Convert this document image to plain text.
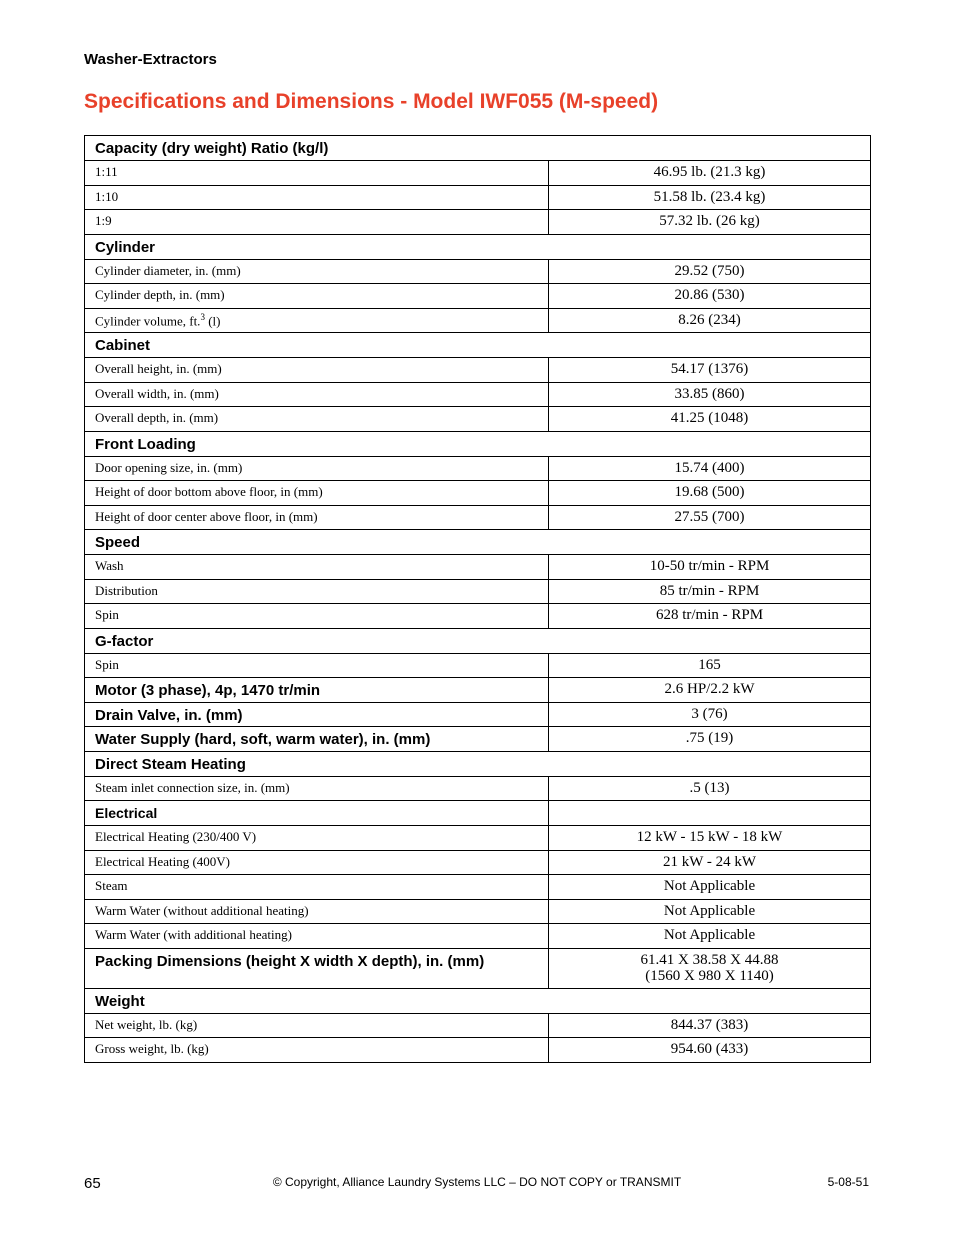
Washer-Extractors
Specifications and Dimensions - Model IWF055 (M-speed)
Capacity (dry weight) Ratio (kg/l)	
1:11	46.95 lb. (21.3 kg)
1:10	51.58 lb. (23.4 kg)
1:9	57.32 lb. (26 kg)
Cylinder	
Cylinder diameter, in. (mm)	29.52 (750)
Cylinder depth, in. (mm)	20.86 (530)
Cylinder volume, ft.$^3$ (l)	8.26 (234)
Cabinet	
Overall height, in. (mm)	54.17 (1376)
Overall width, in. (mm)	33.85 (860)
Overall depth, in. (mm)	41.25 (1048)
Front Loading	
Door opening size, in. (mm)	15.74 (400)
Height of door bottom above floor, in (mm)	19.68 (500)
Height of door center above floor, in (mm)	27.55 (700)
Speed	
Wash	10-50 tr/min - RPM
Distribution	85 tr/min - RPM
Spin	628 tr/min - RPM
G-factor	
Spin	165
Motor (3 phase), 4p, 1470 tr/min	2.6 HP/2.2 kW
Drain Valve, in. (mm)	3 (76)
Water Supply (hard, soft, warm water), in. (mm)	.75 (19)
Direct Steam Heating	
Steam inlet connection size, in. (mm)	.5 (13)
Electrical	
Electrical Heating (230/400 V)	12 kW - 15 kW - 18 kW
Electrical Heating (400V)	21 kW - 24 kW
Steam	Not Applicable
Warm Water (without additional heating)	Not Applicable
Warm Water (with additional heating)	Not Applicable
Packing Dimensions (height X width X depth), in. (mm)	61.41 X 38.58 X 44.88
(1560 X 980 X 1140)

Weight	
Net weight, lb. (kg)	844.37 (383)
Gross weight, lb. (kg)	954.60 (433)
© Copyright, Alliance Laundry Systems LLC – DO NOT COPY or TRANSMIT
65	5-08-51
